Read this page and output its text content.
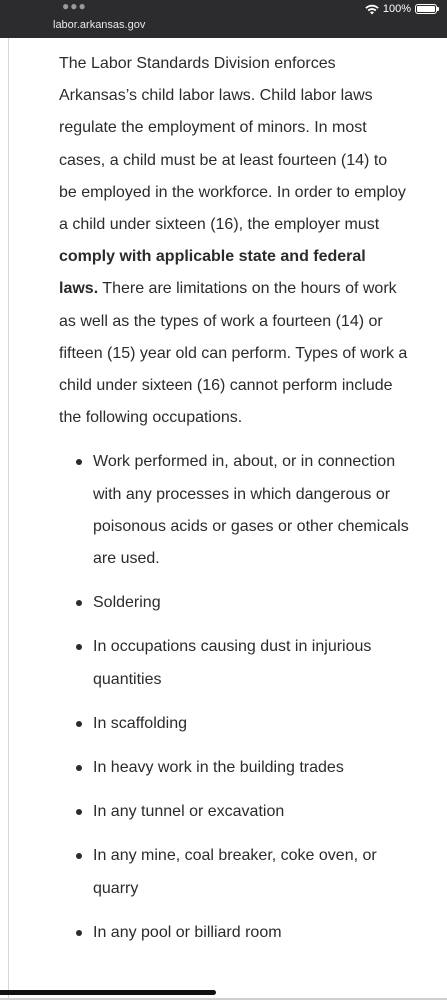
●●●
labor.arkansas.gov
100%

The Labor Standards Division enforces Arkansas’s child labor laws. Child labor laws regulate the employment of minors. In most cases, a child must be at least fourteen (14) to be employed in the workforce. In order to employ a child under sixteen (16), the employer must comply with applicable state and federal laws. There are limitations on the hours of work as well as the types of work a fourteen (14) or fifteen (15) year old can perform. Types of work a child under sixteen (16) cannot perform include the following occupations.

Work performed in, about, or in connection with any processes in which dangerous or poisonous acids or gases or other chemicals are used.
Soldering
In occupations causing dust in injurious quantities
In scaffolding
In heavy work in the building trades
In any tunnel or excavation
In any mine, coal breaker, coke oven, or quarry
In any pool or billiard room
